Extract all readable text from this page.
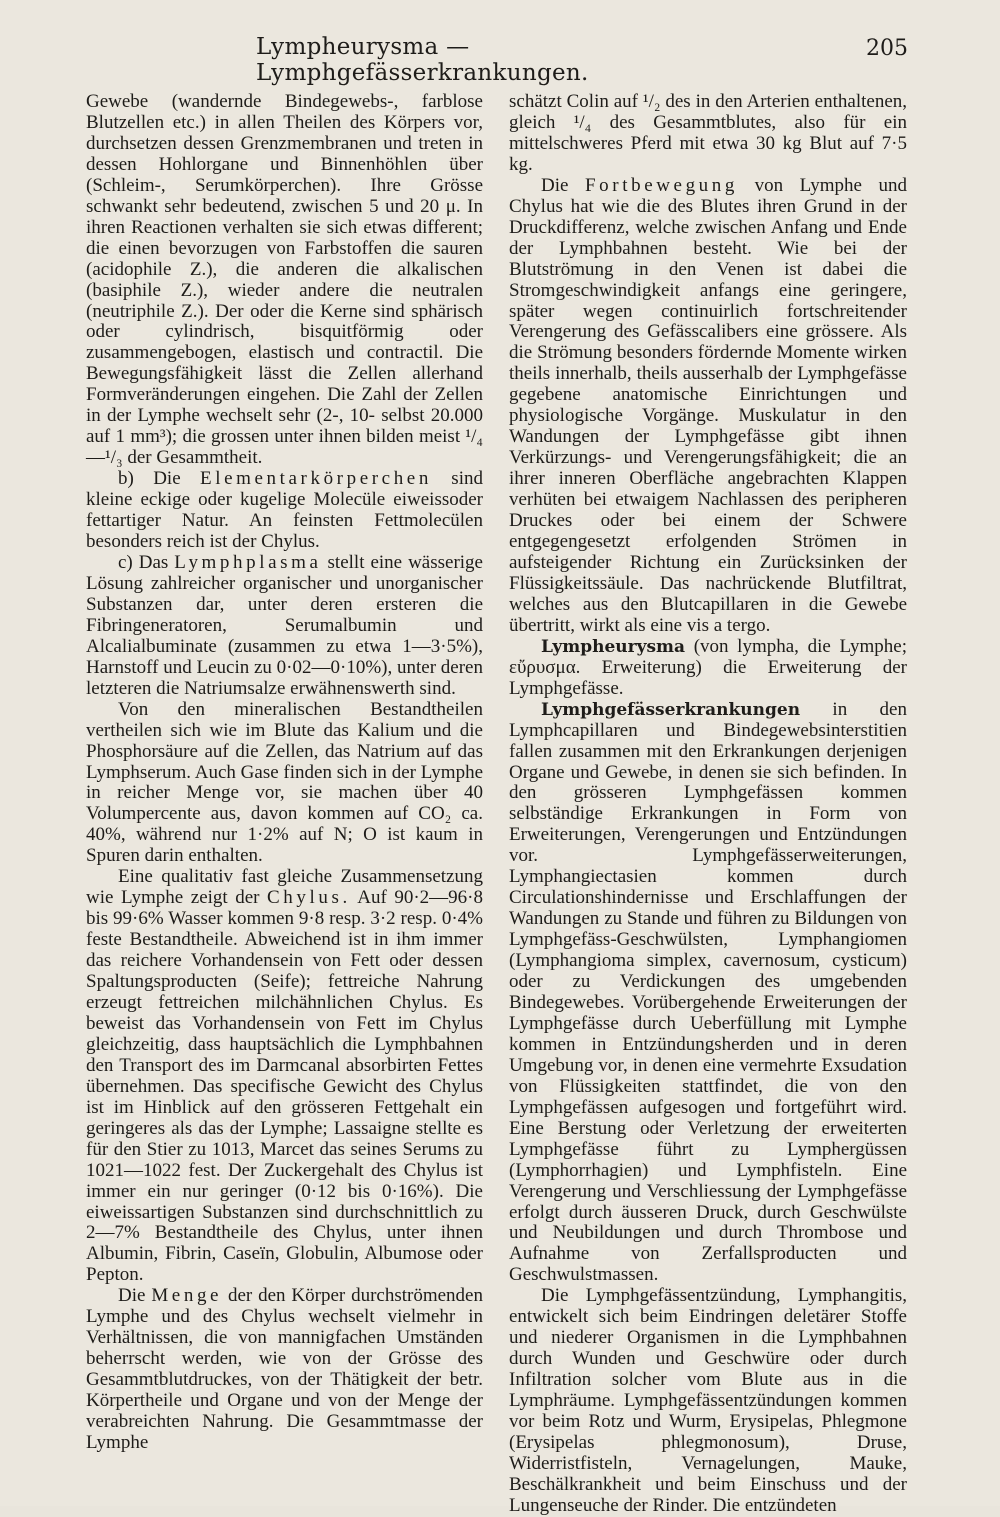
Lympheurysma — Lymphgefässerkrankungen.
205

Gewebe (wandernde Bindegewebs-, farblose Blutzellen etc.) in allen Theilen des Körpers vor, durchsetzen dessen Grenzmembranen und treten in dessen Hohlorgane und Binnenhöhlen über (Schleim-, Serumkörperchen). Ihre Grösse schwankt sehr bedeutend, zwischen 5 und 20 μ. In ihren Reactionen verhalten sie sich etwas different; die einen bevorzugen von Farbstoffen die sauren (acidophile Z.), die anderen die alkalischen (basiphile Z.), wieder andere die neutralen (neutriphile Z.). Der oder die Kerne sind sphärisch oder cylindrisch, bisquitförmig oder zusammengebogen, elastisch und contractil. Die Bewegungsfähigkeit lässt die Zellen allerhand Formveränderungen eingehen. Die Zahl der Zellen in der Lymphe wechselt sehr (2-, 10- selbst 20.000 auf 1 mm³); die grossen unter ihnen bilden meist ¹/₄—¹/₃ der Gesammtheit.

b) Die Elementarkörperchen sind kleine eckige oder kugelige Molecüle eiweissoder fettartiger Natur. An feinsten Fettmolecülen besonders reich ist der Chylus.

c) Das Lymphplasma stellt eine wässerige Lösung zahlreicher organischer und unorganischer Substanzen dar, unter deren ersteren die Fibringeneratoren, Serumalbumin und Alcalialbuminate (zusammen zu etwa 1—3·5%), Harnstoff und Leucin zu 0·02—0·10%), unter deren letzteren die Natriumsalze erwähnenswerth sind.

Von den mineralischen Bestandtheilen vertheilen sich wie im Blute das Kalium und die Phosphorsäure auf die Zellen, das Natrium auf das Lymphserum. Auch Gase finden sich in der Lymphe in reicher Menge vor, sie machen über 40 Volumpercente aus, davon kommen auf CO₂ ca. 40%, während nur 1·2% auf N; O ist kaum in Spuren darin enthalten.

Eine qualitativ fast gleiche Zusammensetzung wie Lymphe zeigt der Chylus. Auf 90·2—96·8 bis 99·6% Wasser kommen 9·8 resp. 3·2 resp. 0·4% feste Bestandtheile. Abweichend ist in ihm immer das reichere Vorhandensein von Fett oder dessen Spaltungsproducten (Seife); fettreiche Nahrung erzeugt fettreichen milchähnlichen Chylus. Es beweist das Vorhandensein von Fett im Chylus gleichzeitig, dass hauptsächlich die Lymphbahnen den Transport des im Darmcanal absorbirten Fettes übernehmen. Das specifische Gewicht des Chylus ist im Hinblick auf den grösseren Fettgehalt ein geringeres als das der Lymphe; Lassaigne stellte es für den Stier zu 1013, Marcet das seines Serums zu 1021—1022 fest. Der Zuckergehalt des Chylus ist immer ein nur geringer (0·12 bis 0·16%). Die eiweissartigen Substanzen sind durchschnittlich zu 2—7% Bestandtheile des Chylus, unter ihnen Albumin, Fibrin, Caseïn, Globulin, Albumose oder Pepton.

Die Menge der den Körper durchströmenden Lymphe und des Chylus wechselt vielmehr in Verhältnissen, die von mannigfachen Umständen beherrscht werden, wie von der Grösse des Gesammtblutdruckes, von der Thätigkeit der betr. Körpertheile und Organe und von der Menge der verabreichten Nahrung. Die Gesammtmasse der Lymphe

schätzt Colin auf ¹/₂ des in den Arterien enthaltenen, gleich ¹/₄ des Gesammtblutes, also für ein mittelschweres Pferd mit etwa 30 kg Blut auf 7·5 kg.

Die Fortbewegung von Lymphe und Chylus hat wie die des Blutes ihren Grund in der Druckdifferenz, welche zwischen Anfang und Ende der Lymphbahnen besteht. Wie bei der Blutströmung in den Venen ist dabei die Stromgeschwindigkeit anfangs eine geringere, später wegen continuirlich fortschreitender Verengerung des Gefässcalibers eine grössere. Als die Strömung besonders fördernde Momente wirken theils innerhalb, theils ausserhalb der Lymphgefässe gegebene anatomische Einrichtungen und physiologische Vorgänge. Muskulatur in den Wandungen der Lymphgefässe gibt ihnen Verkürzungs- und Verengerungsfähigkeit; die an ihrer inneren Oberfläche angebrachten Klappen verhüten bei etwaigem Nachlassen des peripheren Druckes oder bei einem der Schwere entgegengesetzt erfolgenden Strömen in aufsteigender Richtung ein Zurücksinken der Flüssigkeitssäule. Das nachrückende Blutfiltrat, welches aus den Blutcapillaren in die Gewebe übertritt, wirkt als eine vis a tergo.

Lympheurysma (von lympha, die Lymphe; εὔρυσμα. Erweiterung) die Erweiterung der Lymphgefässe.

Lymphgefässerkrankungen in den Lymphcapillaren und Bindegewebsinterstitien fallen zusammen mit den Erkrankungen derjenigen Organe und Gewebe, in denen sie sich befinden. In den grösseren Lymphgefässen kommen selbständige Erkrankungen in Form von Erweiterungen, Verengerungen und Entzündungen vor. Lymphgefässerweiterungen, Lymphangiectasien kommen durch Circulationshindernisse und Erschlaffungen der Wandungen zu Stande und führen zu Bildungen von Lymphgefäss-Geschwülsten, Lymphangiomen (Lymphangioma simplex, cavernosum, cysticum) oder zu Verdickungen des umgebenden Bindegewebes. Vorübergehende Erweiterungen der Lymphgefässe durch Ueberfüllung mit Lymphe kommen in Entzündungsherden und in deren Umgebung vor, in denen eine vermehrte Exsudation von Flüssigkeiten stattfindet, die von den Lymphgefässen aufgesogen und fortgeführt wird. Eine Berstung oder Verletzung der erweiterten Lymphgefässe führt zu Lymphergüssen (Lymphorrhagien) und Lymphfisteln. Eine Verengerung und Verschliessung der Lymphgefässe erfolgt durch äusseren Druck, durch Geschwülste und Neubildungen und durch Thrombose und Aufnahme von Zerfallsproducten und Geschwulstmassen.

Die Lymphgefässentzündung, Lymphangitis, entwickelt sich beim Eindringen deletärer Stoffe und niederer Organismen in die Lymphbahnen durch Wunden und Geschwüre oder durch Infiltration solcher vom Blute aus in die Lymphräume. Lymphgefässentzündungen kommen vor beim Rotz und Wurm, Erysipelas, Phlegmone (Erysipelas phlegmonosum), Druse, Widerristfisteln, Vernagelungen, Mauke, Beschälkrankheit und beim Einschuss und der Lungenseuche der Rinder. Die entzündeten
